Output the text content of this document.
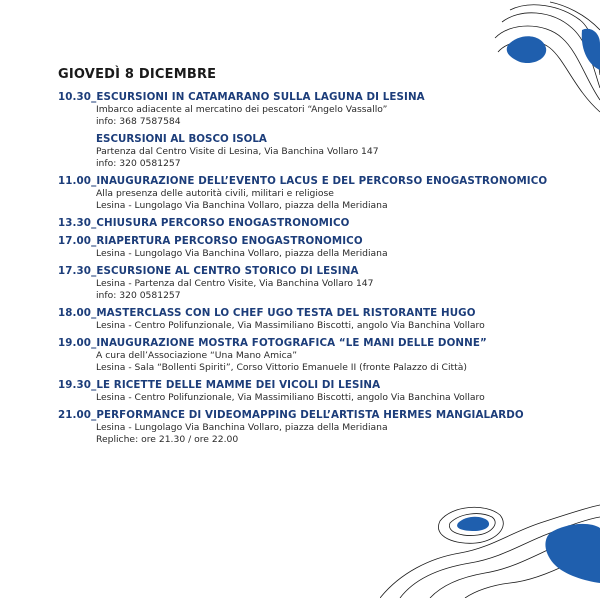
GIOVEDÌ 8 DICEMBRE
10.30_ESCURSIONI IN CATAMARANO SULLA LAGUNA DI LESINA
Imbarco adiacente al mercatino dei pescatori “Angelo Vassallo”
info: 368 7587584
ESCURSIONI AL BOSCO ISOLA
Partenza dal Centro Visite di Lesina, Via Banchina Vollaro 147
info: 320 0581257
11.00_INAUGURAZIONE DELL’EVENTO LACUS E DEL PERCORSO ENOGASTRONOMICO
Alla presenza delle autorità civili, militari e religiose
Lesina - Lungolago Via Banchina Vollaro, piazza della Meridiana
13.30_CHIUSURA PERCORSO ENOGASTRONOMICO
17.00_RIAPERTURA PERCORSO ENOGASTRONOMICO
Lesina - Lungolago Via Banchina Vollaro, piazza della Meridiana
17.30_ESCURSIONE AL CENTRO STORICO DI LESINA
Lesina - Partenza dal Centro Visite, Via Banchina Vollaro 147
info: 320 0581257
18.00_MASTERCLASS CON LO CHEF UGO TESTA DEL RISTORANTE HUGO
Lesina - Centro Polifunzionale, Via Massimiliano Biscotti, angolo Via Banchina Vollaro
19.00_INAUGURAZIONE MOSTRA FOTOGRAFICA “LE MANI DELLE DONNE”
A cura dell’Associazione “Una Mano Amica”
Lesina - Sala “Bollenti Spiriti”, Corso Vittorio Emanuele II (fronte Palazzo di Città)
19.30_LE RICETTE DELLE MAMME DEI VICOLI DI LESINA
Lesina - Centro Polifunzionale, Via Massimiliano Biscotti, angolo Via Banchina Vollaro
21.00_PERFORMANCE DI VIDEOMAPPING DELL’ARTISTA HERMES MANGIALARDO
Lesina - Lungolago Via Banchina Vollaro, piazza della Meridiana
Repliche: ore 21.30 / ore 22.00
